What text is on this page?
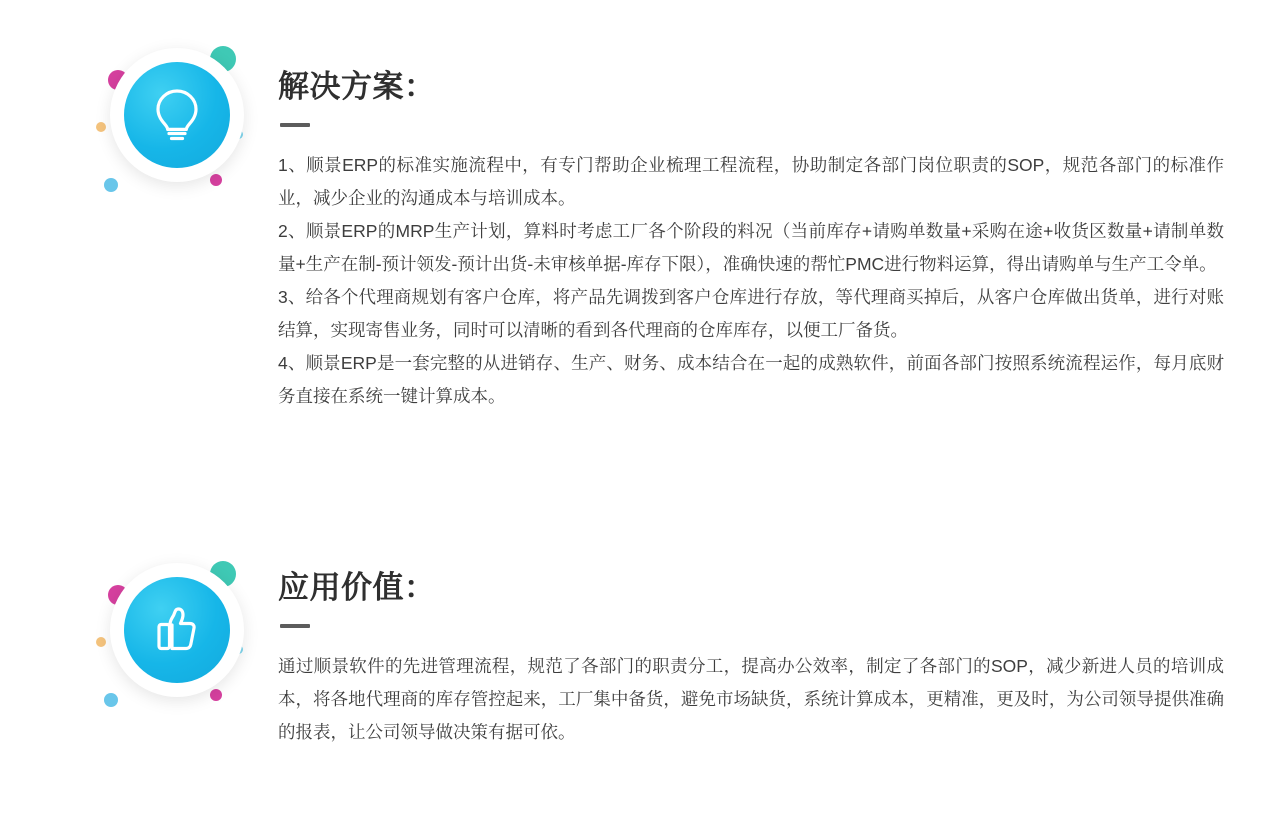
解决方案：

1、顺景ERP的标准实施流程中，有专门帮助企业梳理工程流程，协助制定各部门岗位职责的SOP，规范各部门的标准作业，减少企业的沟通成本与培训成本。

2、顺景ERP的MRP生产计划，算料时考虑工厂各个阶段的料况（当前库存+请购单数量+采购在途+收货区数量+请制单数量+生产在制-预计领发-预计出货-未审核单据-库存下限），准确快速的帮忙PMC进行物料运算，得出请购单与生产工令单。

3、给各个代理商规划有客户仓库，将产品先调拨到客户仓库进行存放，等代理商买掉后，从客户仓库做出货单，进行对账结算，实现寄售业务，同时可以清晰的看到各代理商的仓库库存，以便工厂备货。

4、顺景ERP是一套完整的从进销存、生产、财务、成本结合在一起的成熟软件，前面各部门按照系统流程运作，每月底财务直接在系统一键计算成本。

应用价值：

通过顺景软件的先进管理流程，规范了各部门的职责分工，提高办公效率，制定了各部门的SOP，减少新进人员的培训成本，将各地代理商的库存管控起来，工厂集中备货，避免市场缺货，系统计算成本，更精准，更及时，为公司领导提供准确的报表，让公司领导做决策有据可依。
